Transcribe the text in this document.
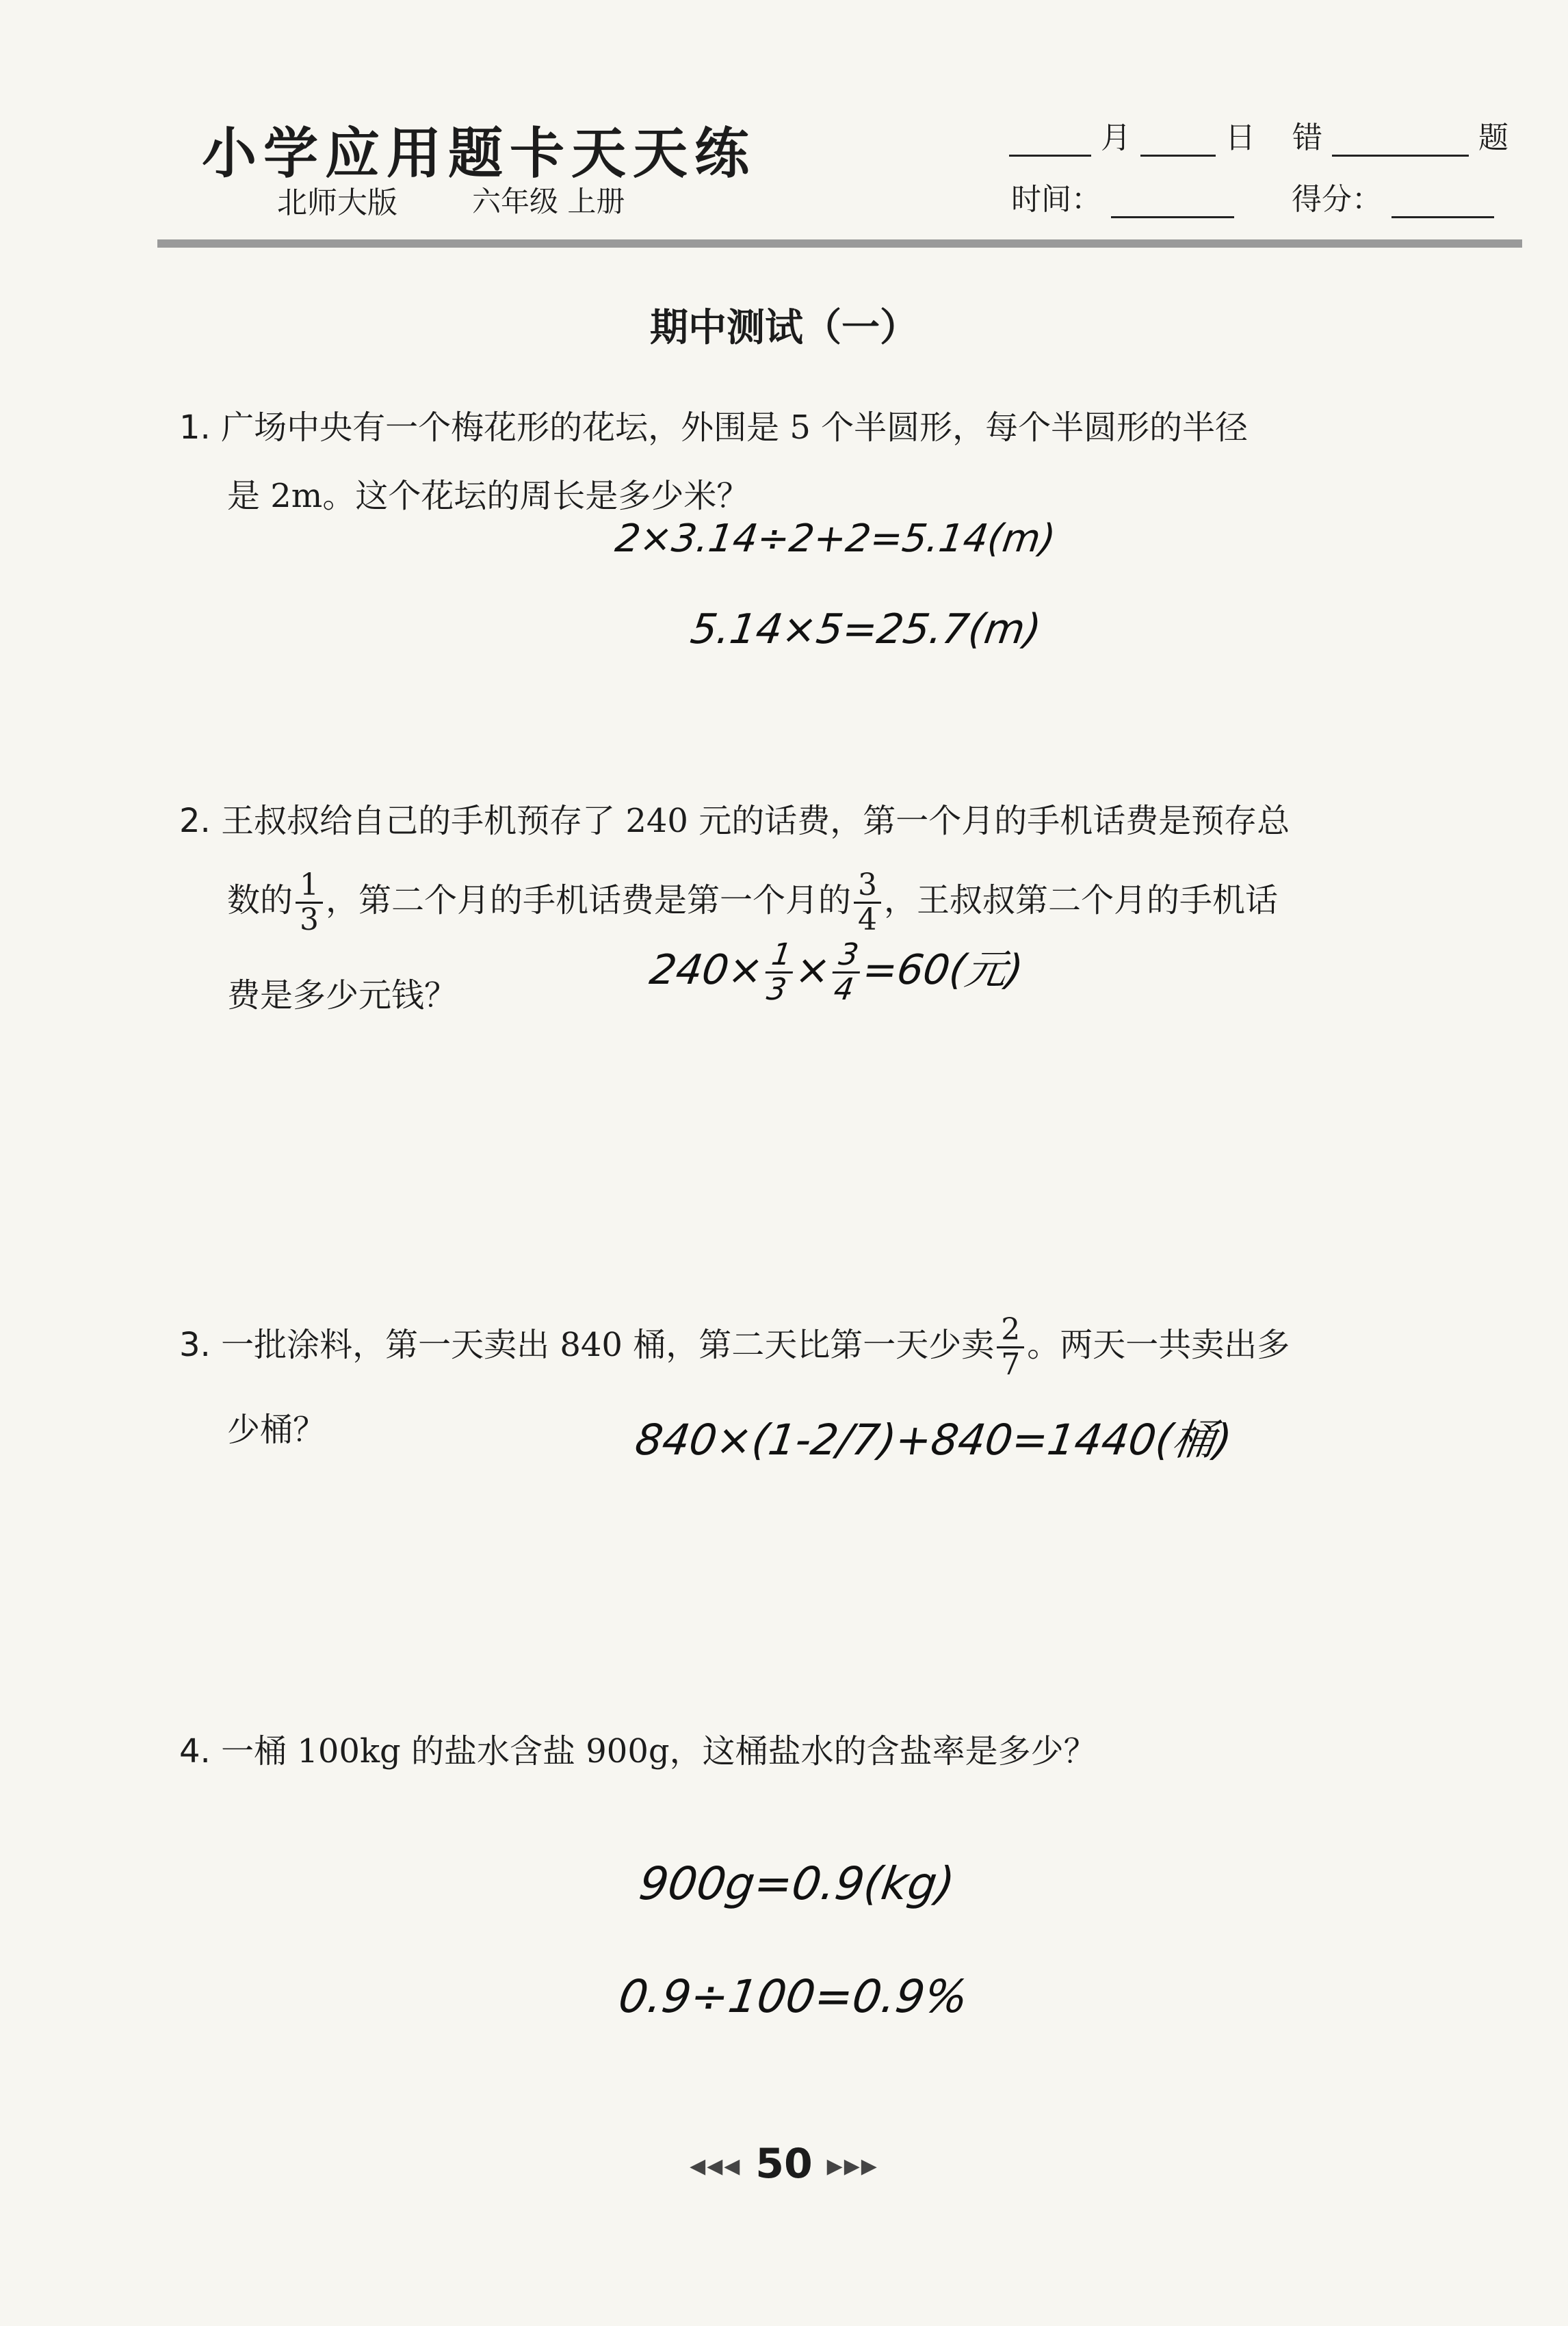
小学应用题卡天天练
北师大版	六年级 上册
月	日 错	题
时间：	得分：
期中测试（一）
1. 广场中央有一个梅花形的花坛，外围是 5 个半圆形，每个半圆形的半径
是 2m。这个花坛的周长是多少米？
2×3.14÷2+2=5.14(m)
5.14×5=25.7(m)
2. 王叔叔给自己的手机预存了 240 元的话费，第一个月的手机话费是预存总
数的 $\frac{1}{3}$ ，第二个月的手机话费是第一个月的 $\frac{3}{4}$ ，王叔叔第二个月的手机话
费是多少元钱？
240×
$\frac{1}{3}$
×
$\frac{3}{4}$
=60(元)
3. 一批涂料，第一天卖出 840 桶，第二天比第一天少卖 $\frac{2}{7}$ 。两天一共卖出多
少桶？	840×(1-2/7)+840=1440(桶)
4. 一桶 100kg 的盐水含盐 900g，这桶盐水的含盐率是多少？
900g=0.9(kg)
0.9÷100=0.9%
◀◀◀ 50 ▶▶▶
